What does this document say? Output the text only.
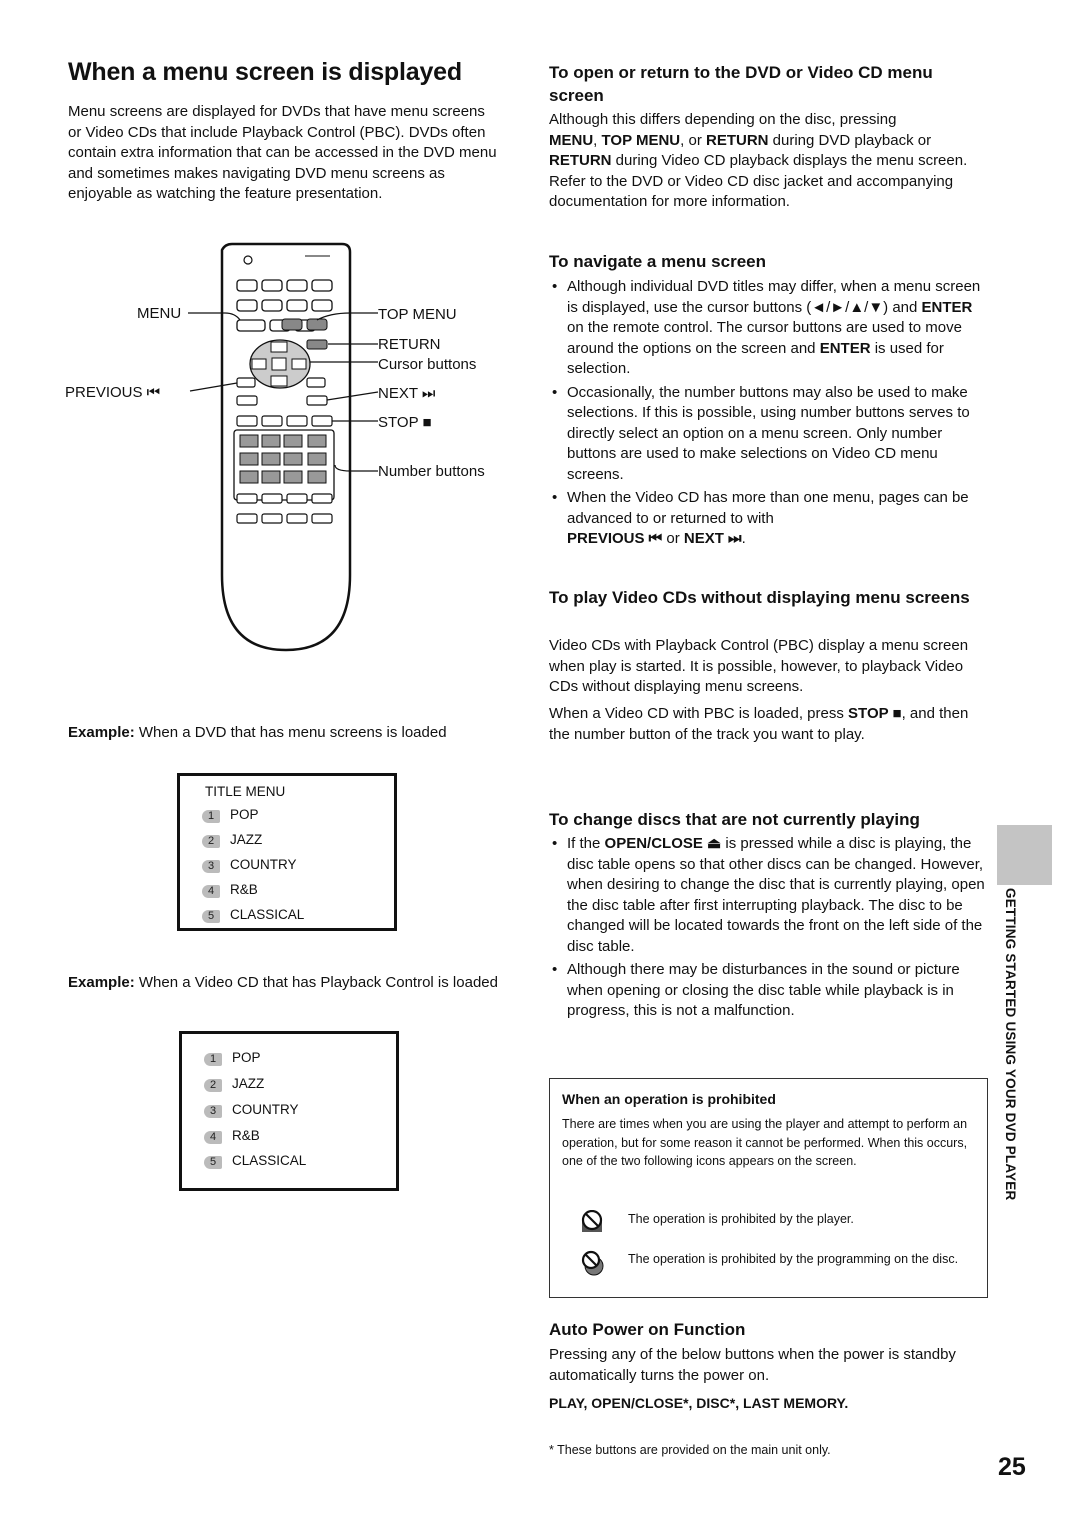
When a menu screen is displayed

Menu screens are displayed for DVDs that have menu screens or Video CDs that include Playback Control (PBC). DVDs often contain extra information that can be accessed in the DVD menu and sometimes makes navigating DVD menu screens as enjoyable as watching the feature presentation.

MENU
PREVIOUS ⏮
TOP MENU
RETURN
Cursor buttons
NEXT ⏭
STOP ■
Number buttons

Example: When a DVD that has menu screens is loaded

TITLE MENU
1 POP
2 JAZZ
3 COUNTRY
4 R&B
5 CLASSICAL
Example: When a Video CD that has Playback Control is loaded
1 POP
2 JAZZ
3 COUNTRY
4 R&B
5 CLASSICAL
To open or return to the DVD or Video CD menu screen

Although this differs depending on the disc, pressing
MENU, TOP MENU, or RETURN during DVD playback or RETURN during Video CD playback displays the menu screen. Refer to the DVD or Video CD disc jacket and accompanying documentation for more information.

To navigate a menu screen
• Although individual DVD titles may differ, when a menu screen is displayed, use the cursor buttons (◄/►/▲/▼) and ENTER on the remote control. The cursor buttons are used to move around the options on the screen and ENTER is used for selection.
• Occasionally, the number buttons may also be used to make selections. If this is possible, using number buttons serves to directly select an option on a menu screen. Only number buttons are used to make selections on Video CD menu screens.
• When the Video CD has more than one menu, pages can be advanced to or returned to with
PREVIOUS ⏮ or NEXT ⏭.
To play Video CDs without displaying menu screens

Video CDs with Playback Control (PBC) display a menu screen when play is started. It is possible, however, to playback Video CDs without displaying menu screens.

When a Video CD with PBC is loaded, press STOP ■, and then the number button of the track you want to play.

To change discs that are not currently playing
• If the OPEN/CLOSE ⏏ is pressed while a disc is playing, the disc table opens so that other discs can be changed. However, when desiring to change the disc that is currently playing, open the disc table after first interrupting playback. The disc to be changed will be located towards the front on the left side of the disc table.
• Although there may be disturbances in the sound or picture when opening or closing the disc table while playback is in progress, this is not a malfunction.
When an operation is prohibited

There are times when you are using the player and attempt to perform an operation, but for some reason it cannot be performed. When this occurs, one of the two following icons appears on the screen.

The operation is prohibited by the player.
The operation is prohibited by the programming on the disc.
Auto Power on Function

Pressing any of the below buttons when the power is standby automatically turns the power on.

PLAY, OPEN/CLOSE*, DISC*, LAST MEMORY.
* These buttons are provided on the main unit only.
GETTING STARTED USING YOUR DVD PLAYER
25
